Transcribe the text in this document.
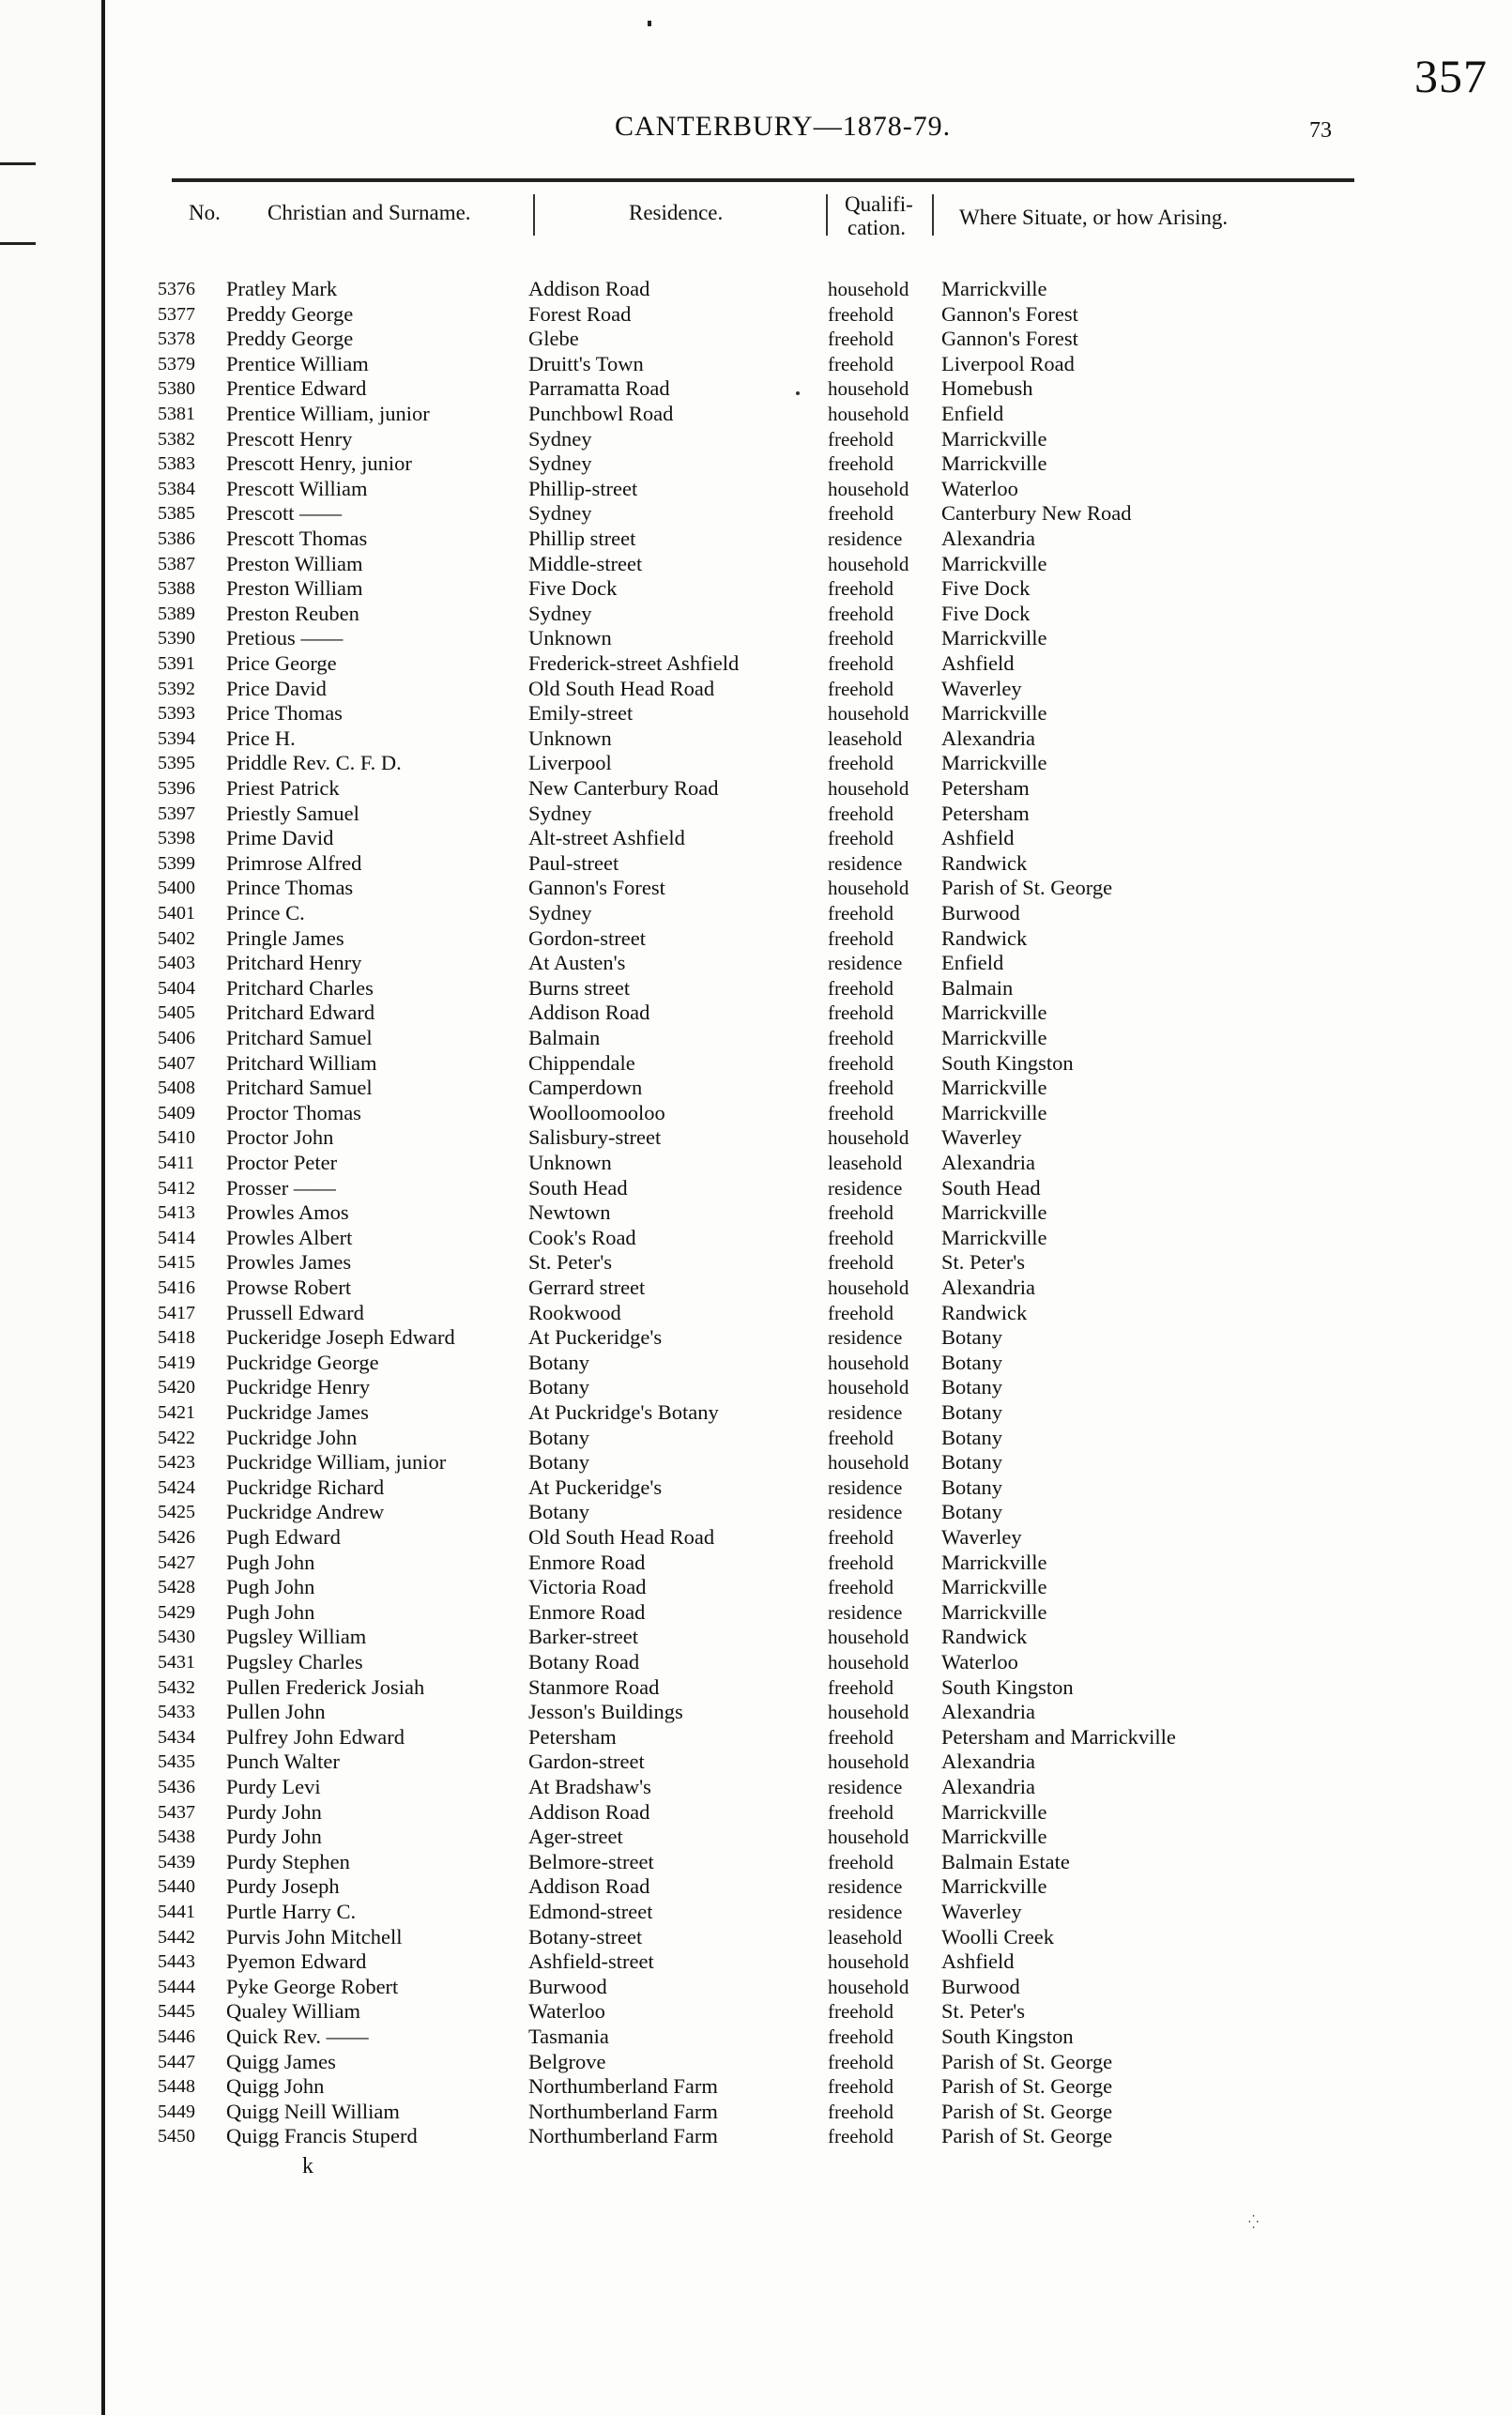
357
CANTERBURY—1878-79.	73
No. Christian and Surname.	Residence.	Qualifi-
cation. Where Situate, or how Arising.
5376	Pratley Mark	Addison Road	household Marrickville
5377	Preddy George	Forest Road	freehold Gannon's Forest
5378	Preddy George	Glebe	freehold Gannon's Forest
5379	Prentice William	Druitt's Town	freehold Liverpool Road
5380	Prentice Edward	Parramatta Road	household Homebush
5381	Prentice William, junior	Punchbowl Road	household Enfield
5382	Prescott Henry	Sydney	freehold Marrickville
5383	Prescott Henry, junior	Sydney	freehold Marrickville
5384	Prescott William	Phillip-street	household Waterloo
5385	Prescott ——	Sydney	freehold Canterbury New Road
5386	Prescott Thomas	Phillip street	residence Alexandria
5387	Preston William	Middle-street	household Marrickville
5388	Preston William	Five Dock	freehold Five Dock
5389	Preston Reuben	Sydney	freehold Five Dock
5390	Pretious ——	Unknown	freehold Marrickville
5391	Price George	Frederick-street Ashfield	freehold Ashfield
5392	Price David	Old South Head Road	freehold Waverley
5393	Price Thomas	Emily-street	household Marrickville
5394	Price H.	Unknown	leasehold Alexandria
5395	Priddle Rev. C. F. D.	Liverpool	freehold Marrickville
5396	Priest Patrick	New Canterbury Road	household Petersham
5397	Priestly Samuel	Sydney	freehold Petersham
5398	Prime David	Alt-street Ashfield	freehold Ashfield
5399	Primrose Alfred	Paul-street	residence Randwick
5400	Prince Thomas	Gannon's Forest	household Parish of St. George
5401	Prince C.	Sydney	freehold Burwood
5402	Pringle James	Gordon-street	freehold Randwick
5403	Pritchard Henry	At Austen's	residence Enfield
5404	Pritchard Charles	Burns street	freehold Balmain
5405	Pritchard Edward	Addison Road	freehold Marrickville
5406	Pritchard Samuel	Balmain	freehold Marrickville
5407	Pritchard William	Chippendale	freehold South Kingston
5408	Pritchard Samuel	Camperdown	freehold Marrickville
5409	Proctor Thomas	Woolloomooloo	freehold Marrickville
5410	Proctor John	Salisbury-street	household Waverley
5411	Proctor Peter	Unknown	leasehold Alexandria
5412	Prosser ——	South Head	residence South Head
5413	Prowles Amos	Newtown	freehold Marrickville
5414	Prowles Albert	Cook's Road	freehold Marrickville
5415	Prowles James	St. Peter's	freehold St. Peter's
5416	Prowse Robert	Gerrard street	household Alexandria
5417	Prussell Edward	Rookwood	freehold Randwick
5418	Puckeridge Joseph Edward	At Puckeridge's	residence Botany
5419	Puckridge George	Botany	household Botany
5420	Puckridge Henry	Botany	household Botany
5421	Puckridge James	At Puckridge's Botany	residence Botany
5422	Puckridge John	Botany	freehold Botany
5423	Puckridge William, junior	Botany	household Botany
5424	Puckridge Richard	At Puckeridge's	residence Botany
5425	Puckridge Andrew	Botany	residence Botany
5426	Pugh Edward	Old South Head Road	freehold Waverley
5427	Pugh John	Enmore Road	freehold Marrickville
5428	Pugh John	Victoria Road	freehold Marrickville
5429	Pugh John	Enmore Road	residence Marrickville
5430	Pugsley William	Barker-street	household Randwick
5431	Pugsley Charles	Botany Road	household Waterloo
5432	Pullen Frederick Josiah	Stanmore Road	freehold South Kingston
5433	Pullen John	Jesson's Buildings	household Alexandria
5434	Pulfrey John Edward	Petersham	freehold Petersham and Marrickville
5435	Punch Walter	Gardon-street	household Alexandria
5436	Purdy Levi	At Bradshaw's	residence Alexandria
5437	Purdy John	Addison Road	freehold Marrickville
5438	Purdy John	Ager-street	household Marrickville
5439	Purdy Stephen	Belmore-street	freehold Balmain Estate
5440	Purdy Joseph	Addison Road	residence Marrickville
5441	Purtle Harry C.	Edmond-street	residence Waverley
5442	Purvis John Mitchell	Botany-street	leasehold Woolli Creek
5443	Pyemon Edward	Ashfield-street	household Ashfield
5444	Pyke George Robert	Burwood	household Burwood
5445	Qualey William	Waterloo	freehold St. Peter's
5446	Quick Rev. ——	Tasmania	freehold South Kingston
5447	Quigg James	Belgrove	freehold Parish of St. George
5448	Quigg John	Northumberland Farm	freehold Parish of St. George
5449	Quigg Neill William	Northumberland Farm	freehold Parish of St. George
5450	Quigg Francis Stuperd	Northumberland Farm	freehold Parish of St. George
k
⁛
